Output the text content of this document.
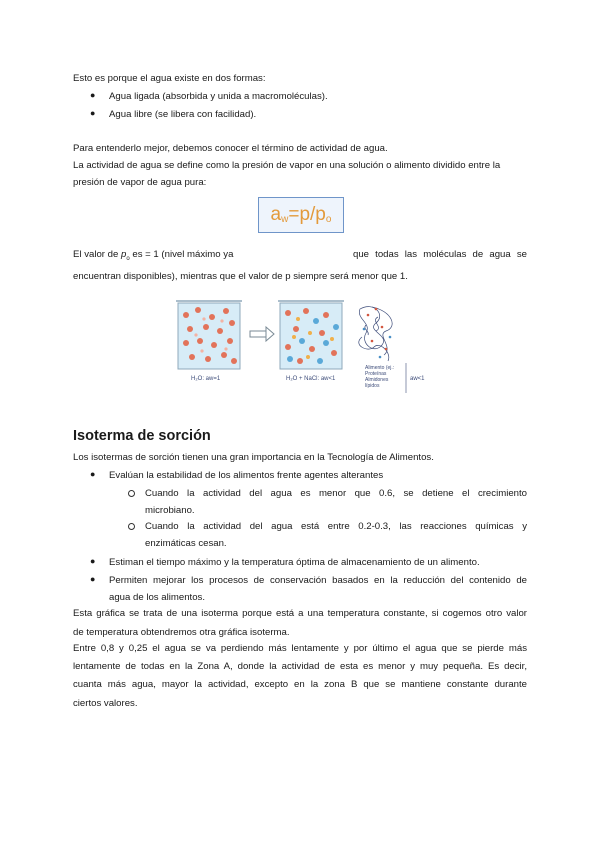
Esto es porque el agua existe en dos formas:
● Agua ligada (absorbida y unida a macromoléculas).
● Agua libre (se libera con facilidad).
Para entenderlo mejor, debemos conocer el término de actividad de agua.
La actividad de agua se define como la presión de vapor en una solución o alimento dividido entre la
presión de vapor de agua pura:
$a_w =p/p_o$
El valor de $p_o$ es = 1 (nivel máximo ya	que todas las moléculas de agua se
encuentran disponibles), mientras que el valor de p siempre será menor que 1.
H₂O: aw=1	H₂O + NaCl: aw<1
Alimento (ej.:
Proteínas
Almidones
lípidos
aw<1
Isoterma de sorción
Los isotermas de sorción tienen una gran importancia en la Tecnología de Alimentos.
● Evalúan la estabilidad de los alimentos frente agentes alterantes
Cuando la actividad del agua es menor que 0.6, se detiene el crecimiento
microbiano.
Cuando la actividad del agua está entre 0.2-0.3, las reacciones químicas y
enzimáticas cesan.
● Estiman el tiempo máximo y la temperatura óptima de almacenamiento de un alimento.
● Permiten mejorar los procesos de conservación basados en la reducción del contenido de
agua de los alimentos.
Esta gráfica se trata de una isoterma porque está a una temperatura constante, si cogemos otro valor
de temperatura obtendremos otra gráfica isoterma.
Entre 0,8 y 0,25 el agua se va perdiendo más lentamente y por último el agua que se pierde más
lentamente de todas en la Zona A, donde la actividad de esta es menor y muy pequeña. Es decir,
cuanta más agua, mayor la actividad, excepto en la zona B que se mantiene constante durante
ciertos valores.
